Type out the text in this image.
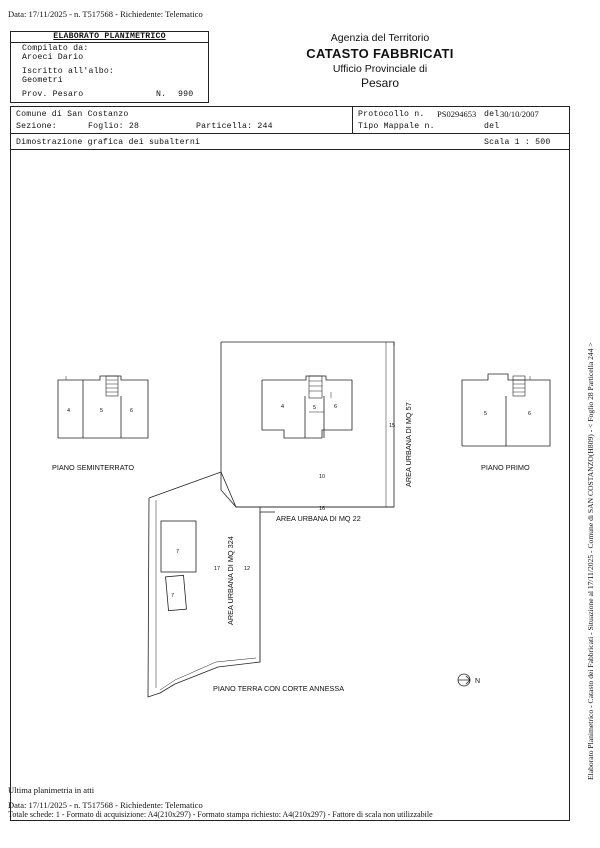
Data: 17/11/2025 - n. T517568 - Richiedente: Telematico
ELABORATO PLANIMETRICO
Compilato da:
Aroeci Dario
Iscritto all'albo:
Geometri
Prov. Pesaro	N. 990
Agenzia del Territorio
CATASTO FABBRICATI
Ufficio Provinciale di
Pesaro
Comune di San Costanzo
Sezione:	Foglio: 28	Particella: 244
Protocollo n. PS0294653 del 30/10/2007
Tipo Mappale n.	del
Dimostrazione grafica dei subalterni	Scala 1 : 500
PIANO SEMINTERRATO	PIANO PRIMO
PIANO TERRA CON CORTE ANNESSA
AREA URBANA DI MQ 22
AREA URBANA DI MQ 57
AREA URBANA DI MQ 324
N
4	5	6
4	5	6
10
15
16
5	6
7
7
17	12
Ultima planimetria in atti
Data: 17/11/2025 - n. T517568 - Richiedente: Telematico
Totale schede: 1 - Formato di acquisizione: A4(210x297) - Formato stampa richiesto: A4(210x297) - Fattore di scala non utilizzabile
Elaborato Planimetrico - Catasto dei Fabbricati - Situazione al 17/11/2025 - Comune di SAN COSTANZO(H809) - < Foglio 28 Particella 244 >
